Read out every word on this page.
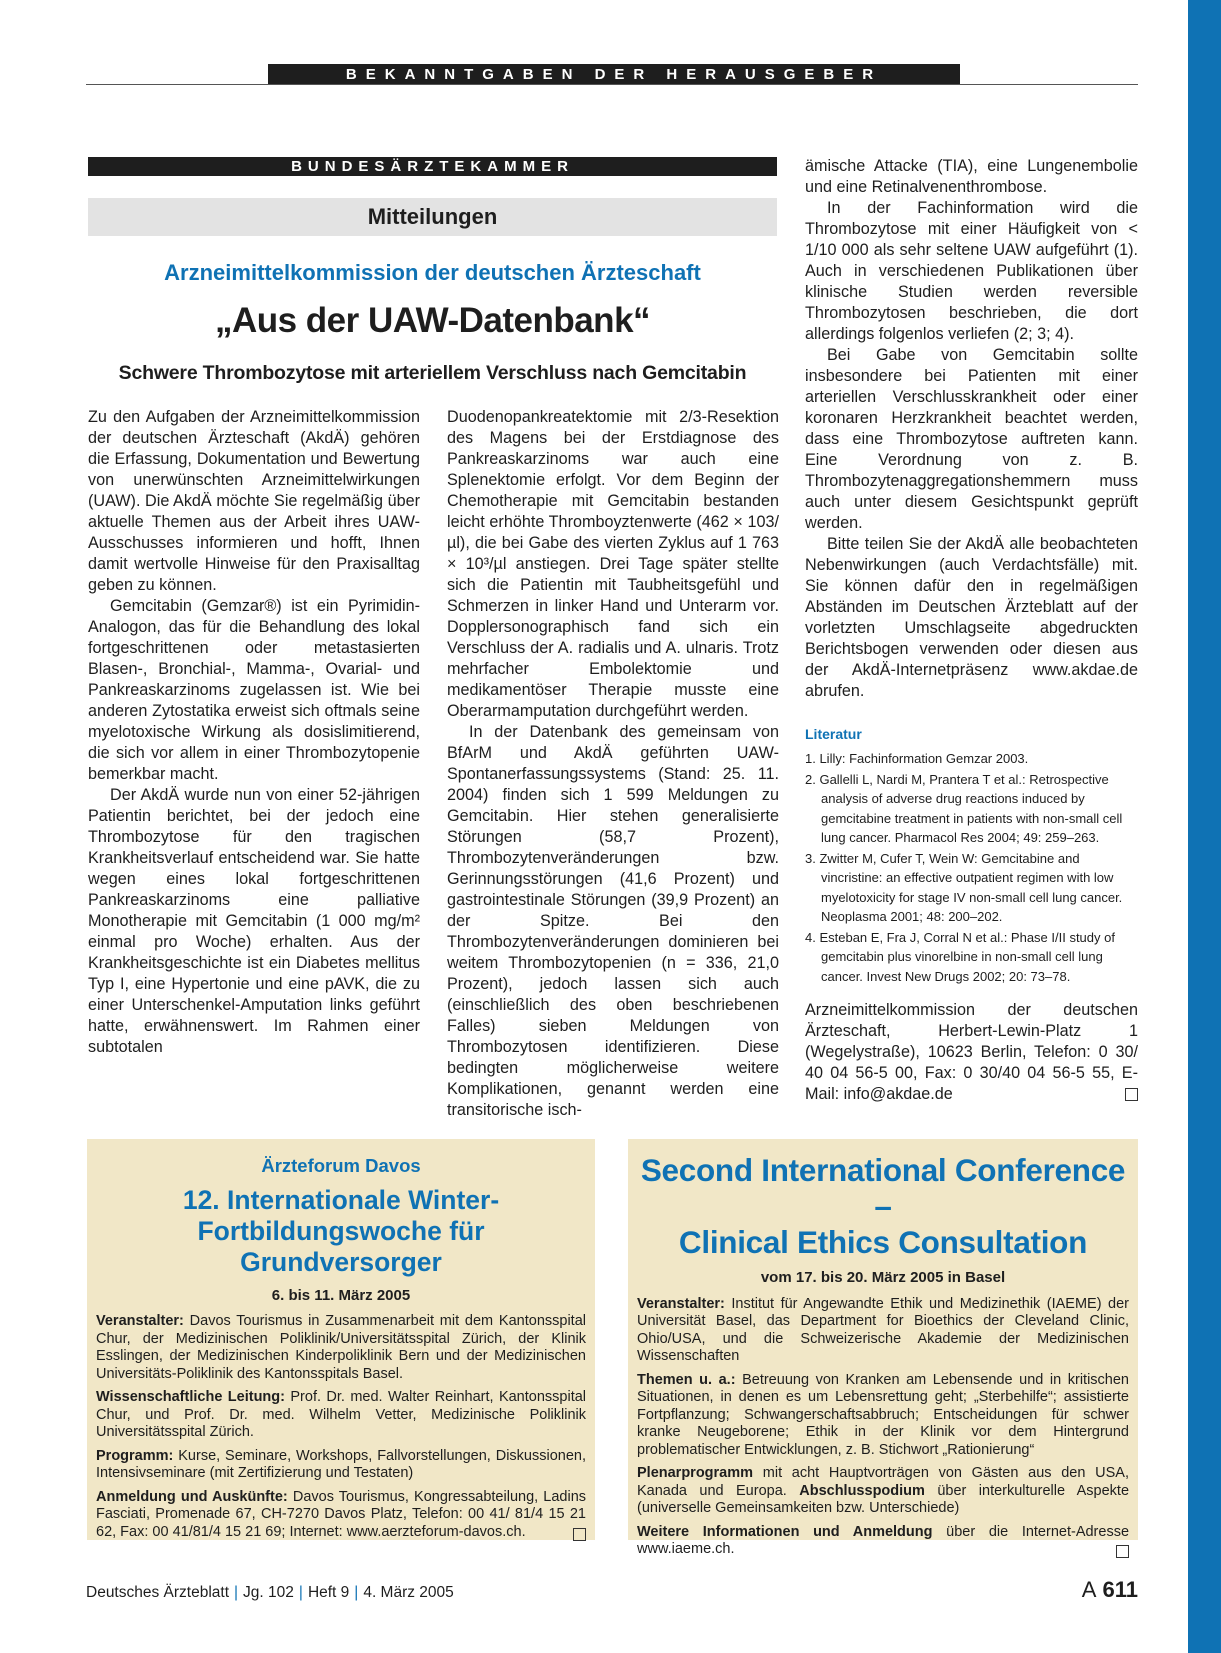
BEKANNTGABEN DER HERAUSGEBER
BUNDESÄRZTEKAMMER
Mitteilungen
Arzneimittelkommission der deutschen Ärzteschaft
„Aus der UAW-Datenbank“
Schwere Thrombozytose mit arteriellem Verschluss nach Gemcitabin

Zu den Aufgaben der Arzneimittelkommission der deutschen Ärzteschaft (AkdÄ) gehören die Erfassung, Dokumentation und Bewertung von unerwünschten Arzneimittelwirkungen (UAW). Die AkdÄ möchte Sie regelmäßig über aktuelle Themen aus der Arbeit ihres UAW-Ausschusses informieren und hofft, Ihnen damit wertvolle Hinweise für den Praxisalltag geben zu können.

Gemcitabin (Gemzar®) ist ein Pyrimidin-Analogon, das für die Behandlung des lokal fortgeschrittenen oder metastasierten Blasen-, Bronchial-, Mamma-, Ovarial- und Pankreaskarzinoms zugelassen ist. Wie bei anderen Zytostatika erweist sich oftmals seine myelotoxische Wirkung als dosislimitierend, die sich vor allem in einer Thrombozytopenie bemerkbar macht.

Der AkdÄ wurde nun von einer 52-jährigen Patientin berichtet, bei der jedoch eine Thrombozytose für den tragischen Krankheitsverlauf entscheidend war. Sie hatte wegen eines lokal fortgeschrittenen Pankreaskarzinoms eine palliative Monotherapie mit Gemcitabin (1 000 mg/m² einmal pro Woche) erhalten. Aus der Krankheitsgeschichte ist ein Diabetes mellitus Typ I, eine Hypertonie und eine pAVK, die zu einer Unterschenkel-Amputation links geführt hatte, erwähnenswert. Im Rahmen einer subtotalen

Duodenopankreatektomie mit 2/3-Resektion des Magens bei der Erstdiagnose des Pankreaskarzinoms war auch eine Splenektomie erfolgt. Vor dem Beginn der Chemotherapie mit Gemcitabin bestanden leicht erhöhte Thromboyztenwerte (462 × 103/µl), die bei Gabe des vierten Zyklus auf 1 763 × 10³/µl anstiegen. Drei Tage später stellte sich die Patientin mit Taubheitsgefühl und Schmerzen in linker Hand und Unterarm vor. Dopplersonographisch fand sich ein Verschluss der A. radialis und A. ulnaris. Trotz mehrfacher Embolektomie und medikamentöser Therapie musste eine Oberarmamputation durchgeführt werden.

In der Datenbank des gemeinsam von BfArM und AkdÄ geführten UAW-Spontanerfassungssystems (Stand: 25. 11. 2004) finden sich 1 599 Meldungen zu Gemcitabin. Hier stehen generalisierte Störungen (58,7 Prozent), Thrombozytenveränderungen bzw. Gerinnungsstörungen (41,6 Prozent) und gastrointestinale Störungen (39,9 Prozent) an der Spitze. Bei den Thrombozytenveränderungen dominieren bei weitem Thrombozytopenien (n = 336, 21,0 Prozent), jedoch lassen sich auch (einschließlich des oben beschriebenen Falles) sieben Meldungen von Thrombozytosen identifizieren. Diese bedingten möglicherweise weitere Komplikationen, genannt werden eine transitorische isch-

ämische Attacke (TIA), eine Lungenembolie und eine Retinalvenenthrombose.

In der Fachinformation wird die Thrombozytose mit einer Häufigkeit von < 1/10 000 als sehr seltene UAW aufgeführt (1). Auch in verschiedenen Publikationen über klinische Studien werden reversible Thrombozytosen beschrieben, die dort allerdings folgenlos verliefen (2; 3; 4).

Bei Gabe von Gemcitabin sollte insbesondere bei Patienten mit einer arteriellen Verschlusskrankheit oder einer koronaren Herzkrankheit beachtet werden, dass eine Thrombozytose auftreten kann. Eine Verordnung von z. B. Thrombozytenaggregationshemmern muss auch unter diesem Gesichtspunkt geprüft werden.

Bitte teilen Sie der AkdÄ alle beobachteten Nebenwirkungen (auch Verdachtsfälle) mit. Sie können dafür den in regelmäßigen Abständen im Deutschen Ärzteblatt auf der vorletzten Umschlagseite abgedruckten Berichtsbogen verwenden oder diesen aus der AkdÄ-Internetpräsenz www.akdae.de abrufen.

Literatur
1. Lilly: Fachinformation Gemzar 2003.
2. Gallelli L, Nardi M, Prantera T et al.: Retrospective analysis of adverse drug reactions induced by gemcitabine treatment in patients with non-small cell lung cancer. Pharmacol Res 2004; 49: 259–263.
3. Zwitter M, Cufer T, Wein W: Gemcitabine and vincristine: an effective outpatient regimen with low myelotoxicity for stage IV non-small cell lung cancer. Neoplasma 2001; 48: 200–202.
4. Esteban E, Fra J, Corral N et al.: Phase I/II study of gemcitabin plus vinorelbine in non-small cell lung cancer. Invest New Drugs 2002; 20: 73–78.

Arzneimittelkommission der deutschen Ärzteschaft, Herbert-Lewin-Platz 1 (Wegelystraße), 10623 Berlin, Telefon: 0 30/ 40 04 56-5 00, Fax: 0 30/40 04 56-5 55, E-Mail: info@akdae.de

Ärzteforum Davos
12. Internationale Winter-
Fortbildungswoche für Grundversorger
6. bis 11. März 2005

Veranstalter: Davos Tourismus in Zusammenarbeit mit dem Kantonsspital Chur, der Medizinischen Poliklinik/Universitätsspital Zürich, der Klinik Esslingen, der Medizinischen Kinderpoliklinik Bern und der Medizinischen Universitäts-Poliklinik des Kantonsspitals Basel.

Wissenschaftliche Leitung: Prof. Dr. med. Walter Reinhart, Kantonsspital Chur, und Prof. Dr. med. Wilhelm Vetter, Medizinische Poliklinik Universitätsspital Zürich.

Programm: Kurse, Seminare, Workshops, Fallvorstellungen, Diskussionen, Intensivseminare (mit Zertifizierung und Testaten)

Anmeldung und Auskünfte: Davos Tourismus, Kongressabteilung, Ladins Fasciati, Promenade 67, CH-7270 Davos Platz, Telefon: 00 41/ 81/4 15 21 62, Fax: 00 41/81/4 15 21 69; Internet: www.aerzteforum-davos.ch.

Second International Conference –
Clinical Ethics Consultation
vom 17. bis 20. März 2005 in Basel

Veranstalter: Institut für Angewandte Ethik und Medizinethik (IAEME) der Universität Basel, das Department for Bioethics der Cleveland Clinic, Ohio/USA, und die Schweizerische Akademie der Medizinischen Wissenschaften

Themen u. a.: Betreuung von Kranken am Lebensende und in kritischen Situationen, in denen es um Lebensrettung geht; „Sterbehilfe“; assistierte Fortpflanzung; Schwangerschaftsabbruch; Entscheidungen für schwer kranke Neugeborene; Ethik in der Klinik vor dem Hintergrund problematischer Entwicklungen, z. B. Stichwort „Rationierung“

Plenarprogramm mit acht Hauptvorträgen von Gästen aus den USA, Kanada und Europa. Abschlusspodium über interkulturelle Aspekte (universelle Gemeinsamkeiten bzw. Unterschiede)

Weitere Informationen und Anmeldung über die Internet-Adresse www.iaeme.ch.

Deutsches Ärzteblatt | Jg. 102 | Heft 9 | 4. März 2005	A 611
